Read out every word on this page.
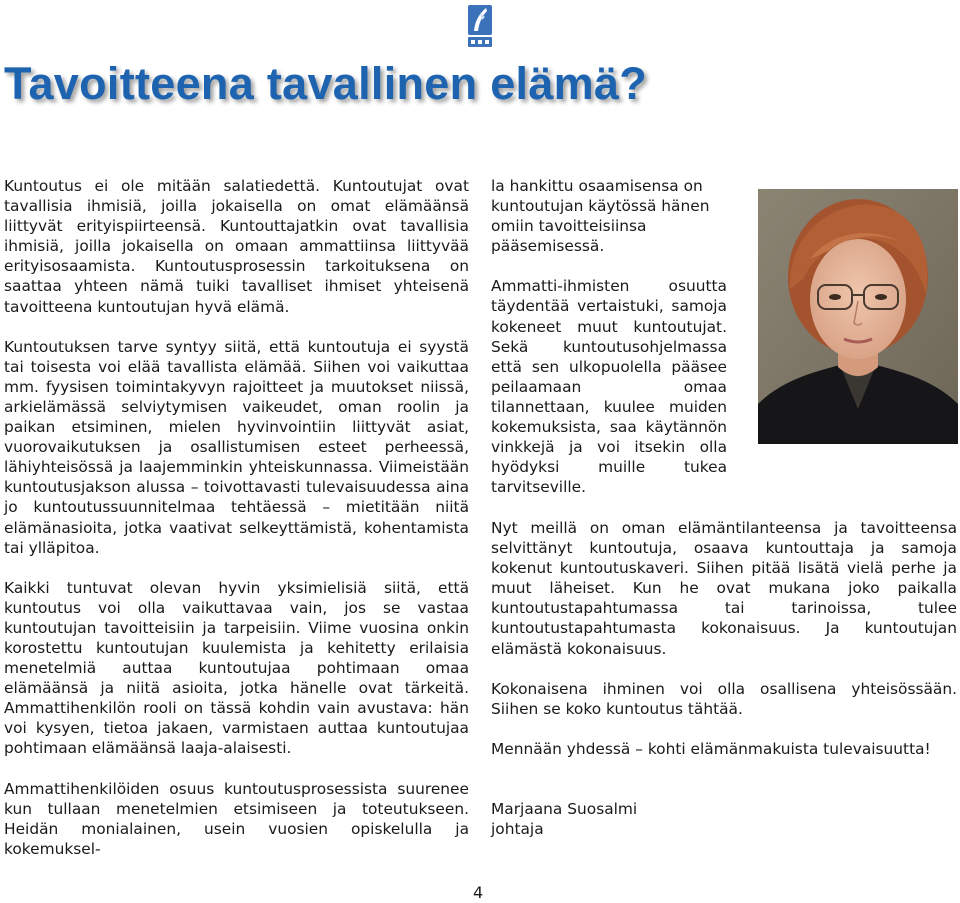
Tavoitteena tavallinen elämä?

Kuntoutus ei ole mitään salatiedettä. Kuntoutujat ovat tavallisia ihmisiä, joilla jokaisella on omat elämäänsä liittyvät erityispiirteensä. Kuntouttajatkin ovat tavallisia ihmisiä, joilla jokaisella on omaan ammattiinsa liittyvää erityisosaamista. Kuntoutusprosessin tarkoituksena on saattaa yhteen nämä tuiki tavalliset ihmiset yhteisenä tavoitteena kuntoutujan hyvä elämä.

Kuntoutuksen tarve syntyy siitä, että kuntoutuja ei syystä tai toisesta voi elää tavallista elämää. Siihen voi vaikuttaa mm. fyysisen toimintakyvyn rajoitteet ja muutokset niissä, arkielämässä selviytymisen vaikeudet, oman roolin ja paikan etsiminen, mielen hyvinvointiin liittyvät asiat, vuorovaikutuksen ja osallistumisen esteet perheessä, lähiyhteisössä ja laajemminkin yhteiskunnassa. Viimeistään kuntoutusjakson alussa – toivottavasti tulevaisuudessa aina jo kuntoutussuunnitelmaa tehtäessä – mietitään niitä elämänasioita, jotka vaativat selkeyttämistä, kohentamista tai ylläpitoa.

Kaikki tuntuvat olevan hyvin yksimielisiä siitä, että kuntoutus voi olla vaikuttavaa vain, jos se vastaa kuntoutujan tavoitteisiin ja tarpeisiin. Viime vuosina onkin korostettu kuntoutujan kuulemista ja kehitetty erilaisia menetelmiä auttaa kuntoutujaa pohtimaan omaa elämäänsä ja niitä asioita, jotka hänelle ovat tärkeitä. Ammattihenkilön rooli on tässä kohdin vain avustava: hän voi kysyen, tietoa jakaen, varmistaen auttaa kuntoutujaa pohtimaan elämäänsä laaja-alaisesti.

Ammattihenkilöiden osuus kuntoutusprosessista suurenee kun tullaan menetelmien etsimiseen ja toteutukseen. Heidän monialainen, usein vuosien opiskelulla ja kokemuksel-

la hankittu osaamisensa on kuntoutujan käytössä hänen omiin tavoitteisiinsa pääsemisessä.

Ammatti-ihmisten osuutta täydentää vertaistuki, samoja kokeneet muut kuntoutujat. Sekä kuntoutusohjelmassa että sen ulkopuolella pääsee peilaamaan omaa tilannettaan, kuulee muiden kokemuksista, saa käytännön vinkkejä ja voi itsekin olla hyödyksi muille tukea tarvitseville.

Nyt meillä on oman elämäntilanteensa ja tavoitteensa selvittänyt kuntoutuja, osaava kuntouttaja ja samoja kokenut kuntoutuskaveri. Siihen pitää lisätä vielä perhe ja muut läheiset. Kun he ovat mukana joko paikalla kuntoutustapahtumassa tai tarinoissa, tulee kuntoutustapahtumasta kokonaisuus. Ja kuntoutujan elämästä kokonaisuus.

Kokonaisena ihminen voi olla osallisena yhteisössään. Siihen se koko kuntoutus tähtää.

Mennään yhdessä – kohti elämänmakuista tulevaisuutta!

Marjaana Suosalmi
johtaja

4
